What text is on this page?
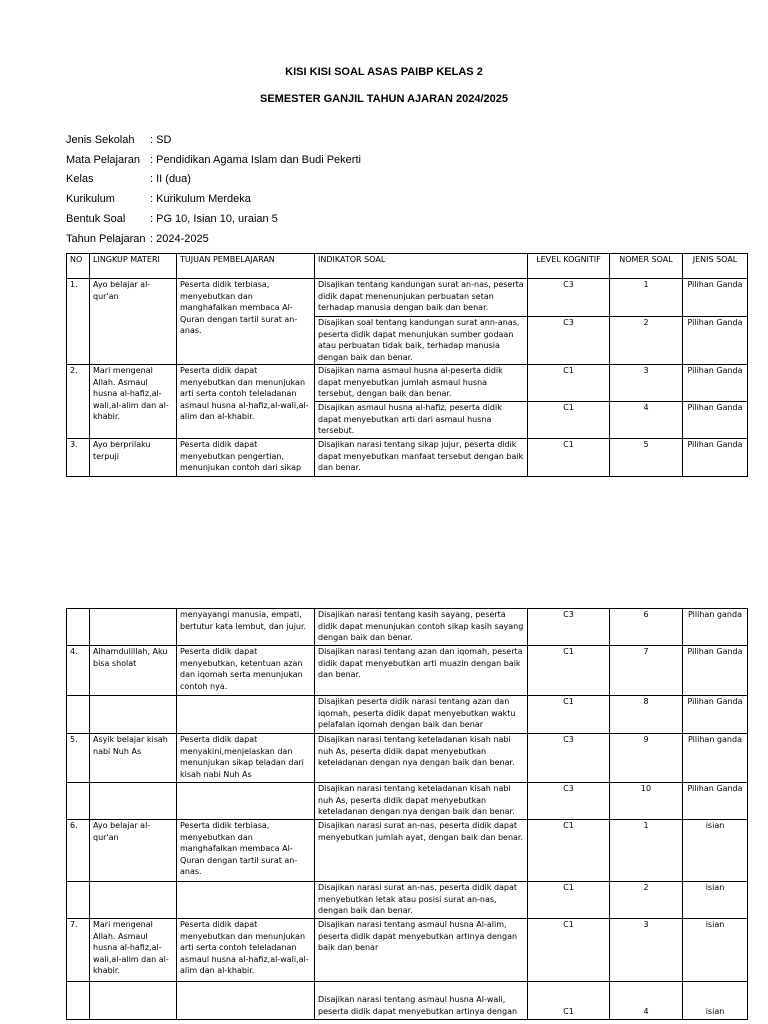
KISI KISI SOAL ASAS PAIBP KELAS 2
SEMESTER GANJIL TAHUN AJARAN 2024/2025
Jenis Sekolah	: SD
Mata Pelajaran : Pendidikan Agama Islam dan Budi Pekerti
Kelas	: II (dua)
Kurikulum	: Kurikulum Merdeka
Bentuk Soal	: PG 10, Isian 10, uraian 5
Tahun Pelajaran : 2024-2025
NO	LINGKUP MATERI	TUJUAN PEMBELAJARAN	INDIKATOR SOAL	LEVEL KOGNITIF	NOMER SOAL	JENIS SOAL
1.	Ayo belajar al-qur'an	Peserta didik terbiasa, menyebutkan dan manghafalkan membaca Al-Quran dengan tartil surat an-anas.	Disajikan tentang kandungan surat an-nas, peserta didik dapat menenunjukan perbuatan setan terhadap manusia dengan baik dan benar.	C3	1	Pilihan Ganda
			Disajikan soal tentang kandungan surat ann-anas, peserta didik dapat menunjukan sumber godaan atau perbuatan tidak baik, terhadap manusia dengan baik dan benar.	C3	2	Pilihan Ganda
2.	Mari mengenal Allah. Asmaul husna al-hafiz,al-wali,al-alim dan al-khabir.	Peserta didik dapat menyebutkan dan menunjukan arti serta contoh teleladanan asmaul husna al-hafiz,al-wali,al-alim dan al-khabir.	Disajikan nama asmaul husna al-peserta didik dapat menyebutkan jumlah asmaul husna tersebut, dengan baik dan benar.	C1	3	Pilihan Ganda
			Disajikan asmaul husna al-hafiz, peserta didik dapat menyebutkan arti dari asmaul husna tersebut.	C1	4	Pilihan Ganda
3.	Ayo berprilaku terpuji	Peserta didik dapat menyebutkan pengertian, menunjukan contoh dari sikap	Disajikan narasi tentang sikap jujur, peserta didik dapat menyebutkan manfaat tersebut dengan baik dan benar.	C1	5	Pilihan Ganda
		menyayangi manusia, empati, bertutur kata lembut, dan jujur.	Disajikan narasi tentang kasih sayang, peserta didik dapat menunjukan contoh sikap kasih sayang dengan baik dan benar.	C3	6	Pilihan ganda
4.	Alhamdulillah, Aku bisa sholat	Peserta didik dapat menyebutkan, ketentuan azan dan iqomah serta menunjukan contoh nya.	Disajikan narasi tentang azan dan iqomah, peserta didik dapat menyebutkan arti muazin dengan baik dan benar.	C1	7	Pilihan Ganda
			Disajikan peserta didik narasi tentang azan dan iqomah, peserta didik dapat menyebutkan waktu pelafalan iqomah dengan baik dan benar	C1	8	Pilihan Ganda
5.	Asyik belajar kisah nabi Nuh As	Peserta didik dapat menyakini,menjelaskan dan menunjukan sikap teladan dari kisah nabi Nuh As	Disajikan narasi tentang keteladanan kisah nabi nuh As, peserta didik dapat menyebutkan keteladanan dengan nya dengan baik dan benar.	C3	9	Pilihan ganda
			Disajikan narasi tentang keteladanan kisah nabi nuh As, peserta didik dapat menyebutkan keteladanan dengan nya dengan baik dan benar.	C3	10	Pilihan Ganda
6.	Ayo belajar al-qur'an	Peserta didik terbiasa, menyebutkan dan manghafalkan membaca Al-Quran dengan tartil surat an-anas.	Disajikan narasi surat an-nas, peserta didik dapat menyebutkan jumlah ayat, dengan baik dan benar.	C1	1	isian
			Disajikan narasi surat an-nas, peserta didik dapat menyebutkan letak atau posisi surat an-nas, dengan baik dan benar.	C1	2	isian
7.	Mari mengenal Allah. Asmaul husna al-hafiz,al-wali,al-alim dan al-khabir.	Peserta didik dapat menyebutkan dan menunjukan arti serta contoh teleladanan asmaul husna al-hafiz,al-wali,al-alim dan al-khabir.	Disajikan narasi tentang asmaul husna Al-alim, peserta didik dapat menyebutkan artinya dengan baik dan benar	C1	3	isian
			Disajikan narasi tentang asmaul husna Al-wali, peserta didik dapat menyebutkan artinya dengan	C1	4	isian
